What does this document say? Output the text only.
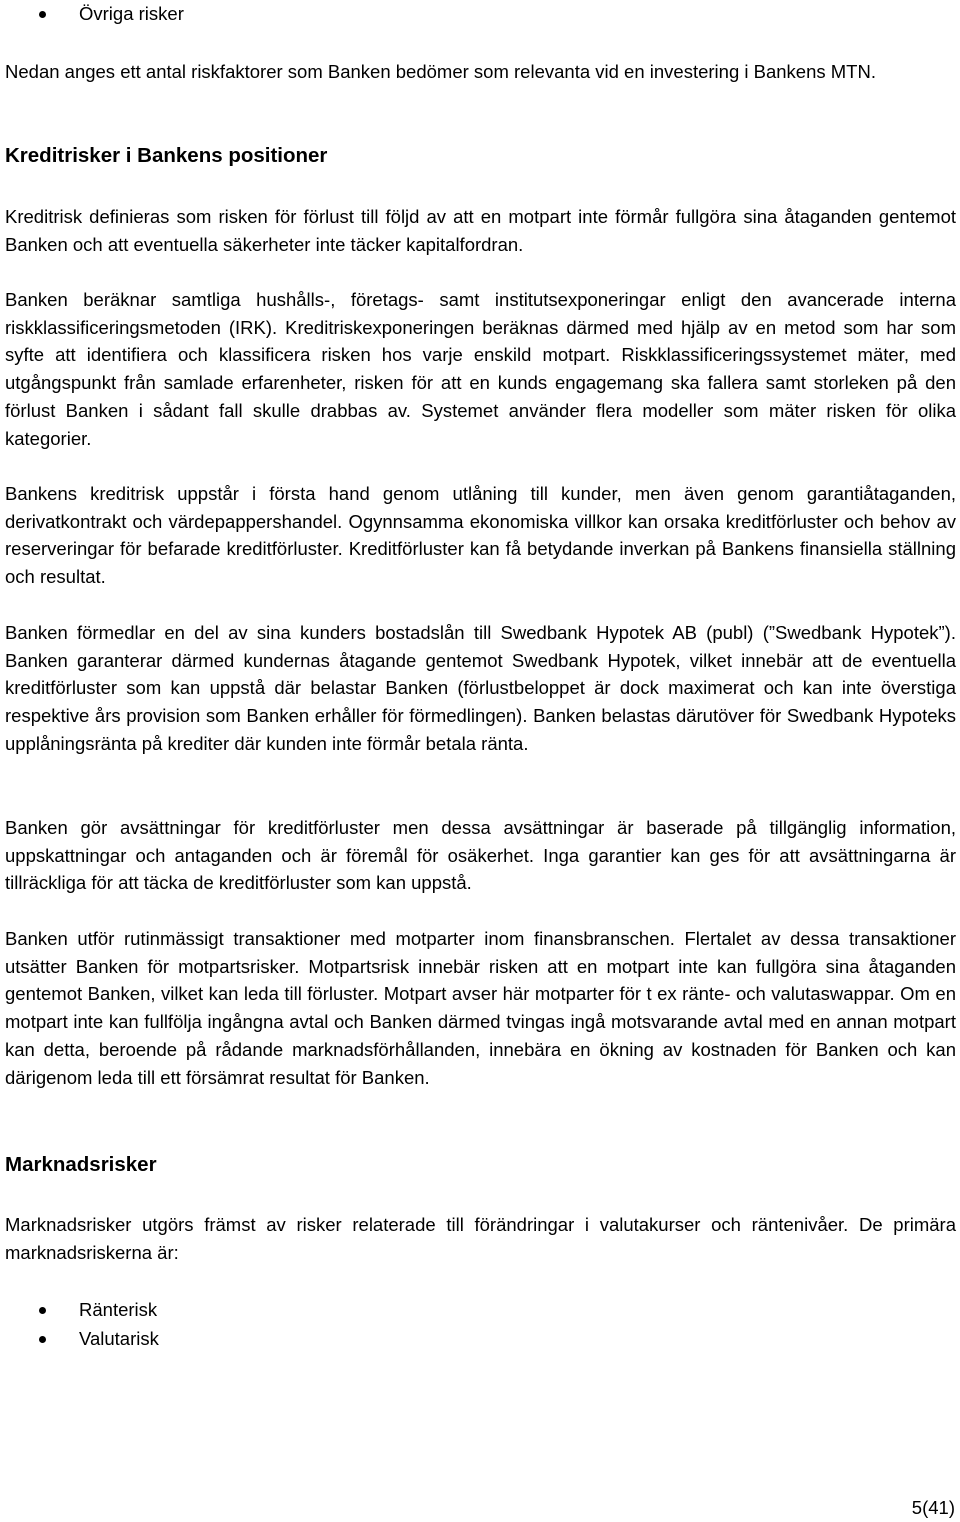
Övriga risker

Nedan anges ett antal riskfaktorer som Banken bedömer som relevanta vid en investering i Bankens MTN.

Kreditrisker i Bankens positioner

Kreditrisk definieras som risken för förlust till följd av att en motpart inte förmår fullgöra sina åtaganden gentemot Banken och att eventuella säkerheter inte täcker kapitalfordran.

Banken beräknar samtliga hushålls-, företags- samt institutsexponeringar enligt den avancerade interna riskklassificeringsmetoden (IRK). Kreditriskexponeringen beräknas därmed med hjälp av en metod som har som syfte att identifiera och klassificera risken hos varje enskild motpart. Riskklassificeringssystemet mäter, med utgångspunkt från samlade erfarenheter, risken för att en kunds engagemang ska fallera samt storleken på den förlust Banken i sådant fall skulle drabbas av. Systemet använder flera modeller som mäter risken för olika kategorier.

Bankens kreditrisk uppstår i första hand genom utlåning till kunder, men även genom garantiåtaganden, derivatkontrakt och värdepappershandel. Ogynnsamma ekonomiska villkor kan orsaka kreditförluster och behov av reserveringar för befarade kreditförluster. Kreditförluster kan få betydande inverkan på Bankens finansiella ställning och resultat.

Banken förmedlar en del av sina kunders bostadslån till Swedbank Hypotek AB (publ) (”Swedbank Hypotek”). Banken garanterar därmed kundernas åtagande gentemot Swedbank Hypotek, vilket innebär att de eventuella kreditförluster som kan uppstå där belastar Banken (förlustbeloppet är dock maximerat och kan inte överstiga respektive års provision som Banken erhåller för förmedlingen). Banken belastas därutöver för Swedbank Hypoteks upplåningsränta på krediter där kunden inte förmår betala ränta.

Banken gör avsättningar för kreditförluster men dessa avsättningar är baserade på tillgänglig information, uppskattningar och antaganden och är föremål för osäkerhet. Inga garantier kan ges för att avsättningarna är tillräckliga för att täcka de kreditförluster som kan uppstå.

Banken utför rutinmässigt transaktioner med motparter inom finansbranschen. Flertalet av dessa transaktioner utsätter Banken för motpartsrisker. Motpartsrisk innebär risken att en motpart inte kan fullgöra sina åtaganden gentemot Banken, vilket kan leda till förluster. Motpart avser här motparter för t ex ränte- och valutaswappar. Om en motpart inte kan fullfölja ingångna avtal och Banken därmed tvingas ingå motsvarande avtal med en annan motpart kan detta, beroende på rådande marknadsförhållanden, innebära en ökning av kostnaden för Banken och kan därigenom leda till ett försämrat resultat för Banken.

Marknadsrisker

Marknadsrisker utgörs främst av risker relaterade till förändringar i valutakurser och räntenivåer. De primära marknadsriskerna är:

Ränterisk
Valutarisk
5(41)
